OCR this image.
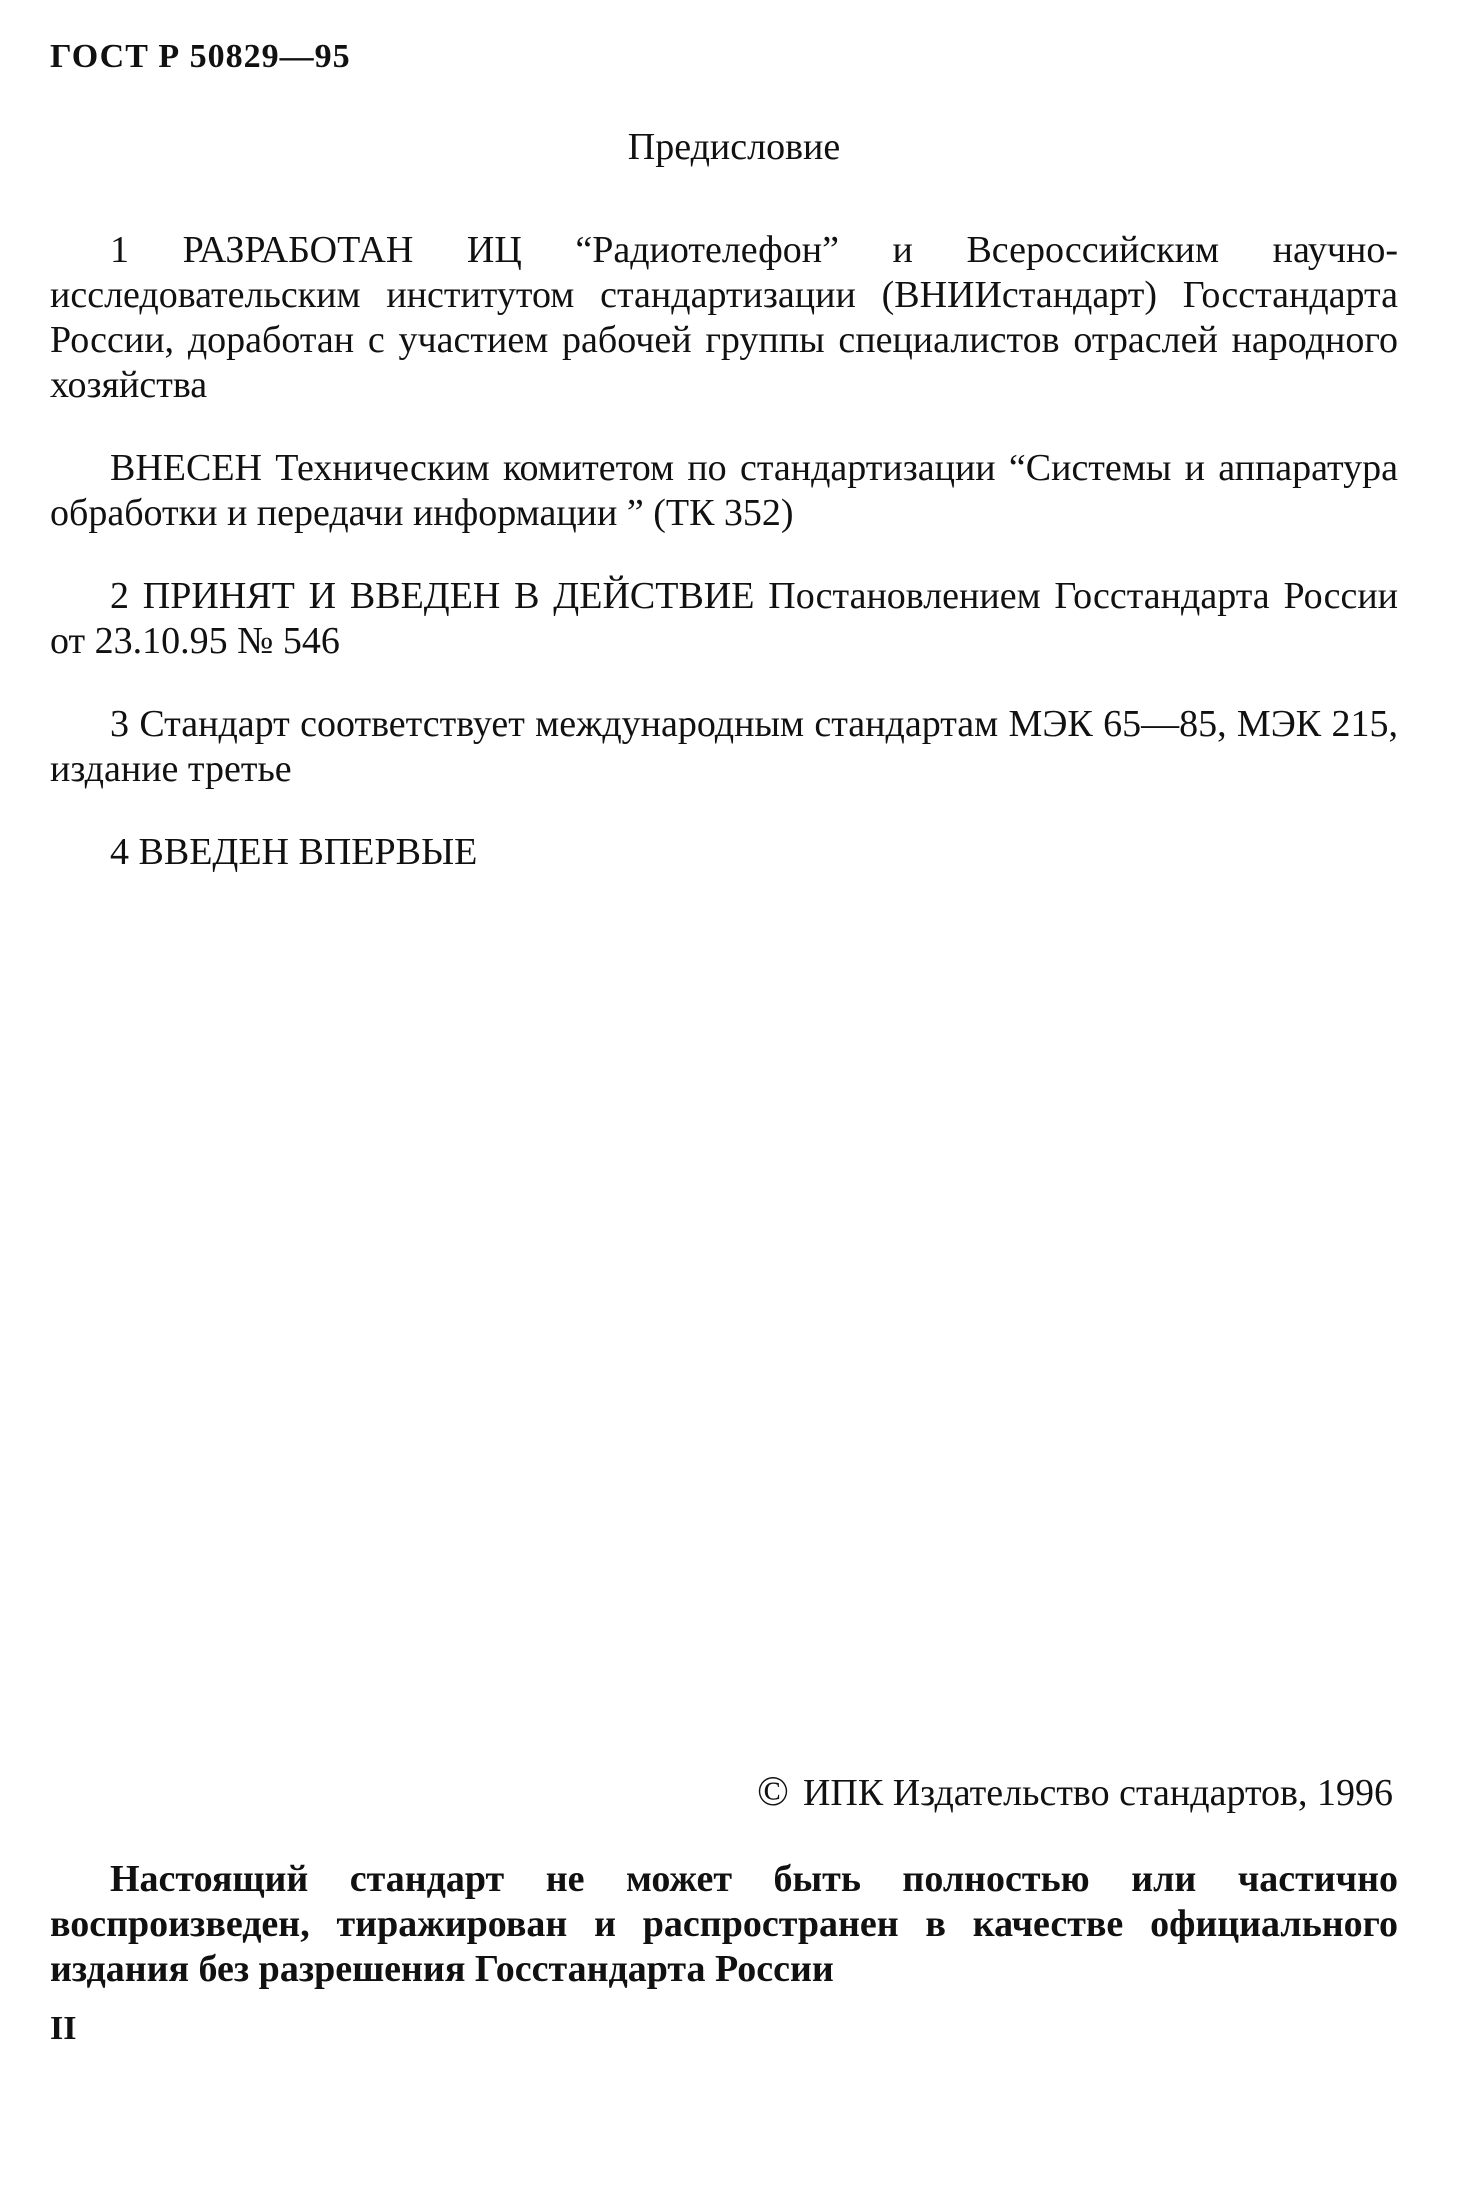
ГОСТ Р 50829—95
Предисловие

1 РАЗРАБОТАН ИЦ “Радиотелефон” и Всероссийским научно-исследовательским институтом стандартизации (ВНИИстандарт) Госстандарта России, доработан с участием рабочей группы специалистов отраслей народного хозяйства

ВНЕСЕН Техническим комитетом по стандартизации “Системы и аппаратура обработки и передачи информации ” (ТК 352)

2 ПРИНЯТ И ВВЕДЕН В ДЕЙСТВИЕ Постановлением Госстандарта России от 23.10.95 № 546

3 Стандарт соответствует международным стандартам МЭК 65—85, МЭК 215, издание третье

4 ВВЕДЕН ВПЕРВЫЕ

© ИПК Издательство стандартов, 1996

Настоящий стандарт не может быть полностью или частично воспроизведен, тиражирован и распространен в качестве официального издания без разрешения Госстандарта России

II
